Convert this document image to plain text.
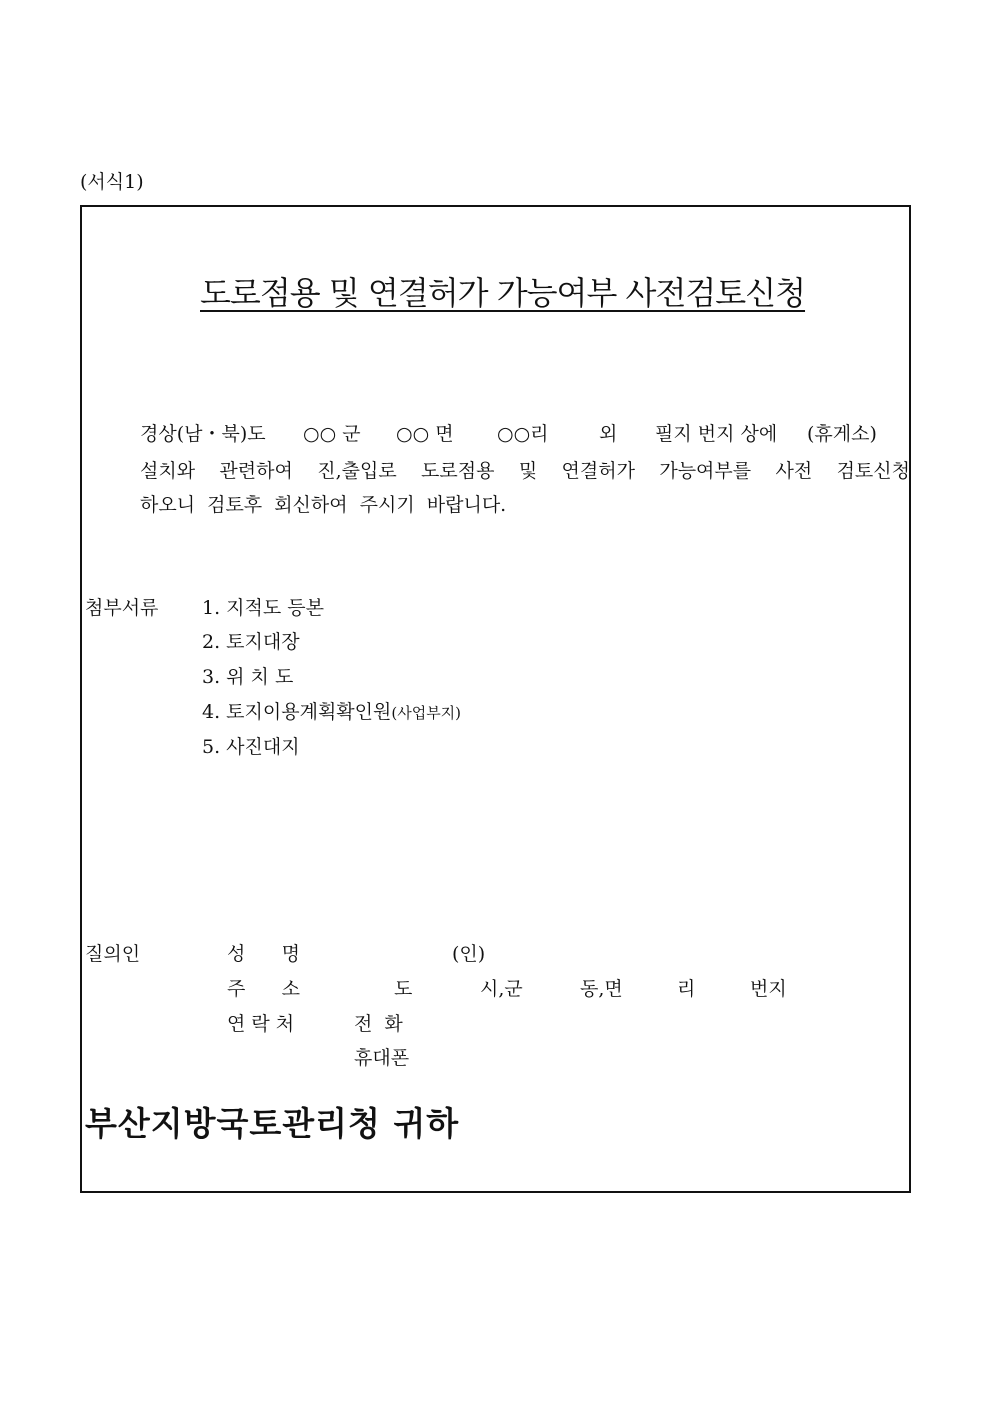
(서식1)
도로점용 및 연결허가 가능여부 사전검토신청
경상(남・북)도 ○○ 군 ○○ 면 ○○리	외 필지 번지 상에 (휴게소)
설치와 관련하여 진,출입로 도로점용 및 연결허가 가능여부를 사전 검토신청
하오니 검토후 회신하여 주시기 바랍니다.
첨부서류 1. 지적도 등본
2. 토지대장
3. 위 치 도
4. 토지이용계획확인원(사업부지)
5. 사진대지
질의인	성      명	(인)
주      소	도	시,군	동,면	리	번지
연 락 처	전  화
휴대폰
부산지방국토관리청 귀하
